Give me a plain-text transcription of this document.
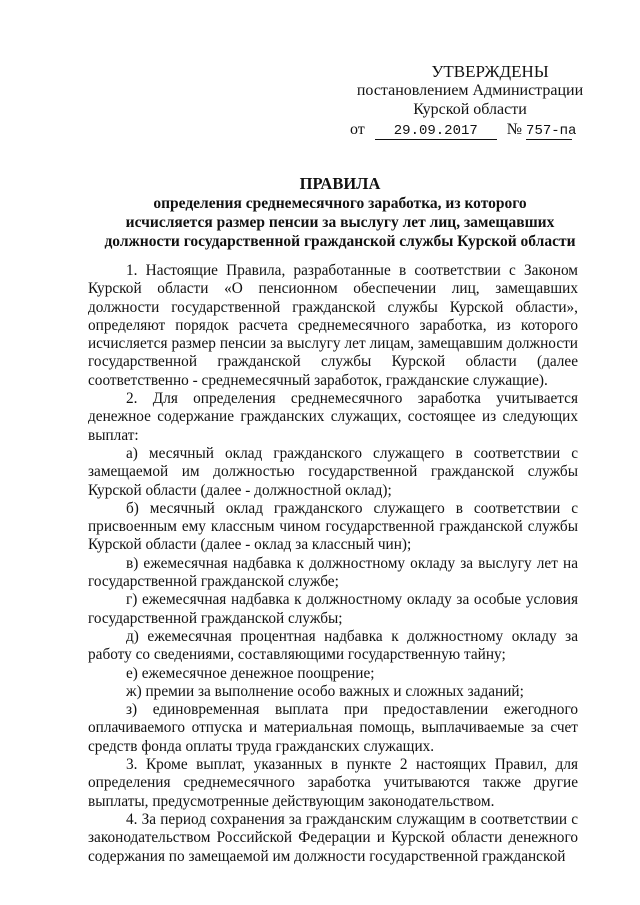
УТВЕРЖДЕНЫ
постановлением Администрации
Курской области
от 29.09.2017 № 757-па
ПРАВИЛА
определения среднемесячного заработка, из которого
исчисляется размер пенсии за выслугу лет лиц, замещавших
должности государственной гражданской службы Курской области

1. Настоящие Правила, разработанные в соответствии с Законом Курской области «О пенсионном обеспечении лиц, замещавших должности государственной гражданской службы Курской области», определяют порядок расчета среднемесячного заработка, из которого исчисляется размер пенсии за выслугу лет лицам, замещавшим должности государственной гражданской службы Курской области (далее соответственно - среднемесячный заработок, гражданские служащие).

2. Для определения среднемесячного заработка учитывается денежное содержание гражданских служащих, состоящее из следующих выплат:

а) месячный оклад гражданского служащего в соответствии с замещаемой им должностью государственной гражданской службы Курской области (далее - должностной оклад);

б) месячный оклад гражданского служащего в соответствии с присвоенным ему классным чином государственной гражданской службы Курской области (далее - оклад за классный чин);

в) ежемесячная надбавка к должностному окладу за выслугу лет на государственной гражданской службе;

г) ежемесячная надбавка к должностному окладу за особые условия государственной гражданской службы;

д) ежемесячная процентная надбавка к должностному окладу за работу со сведениями, составляющими государственную тайну;

е) ежемесячное денежное поощрение;

ж) премии за выполнение особо важных и сложных заданий;

з) единовременная выплата при предоставлении ежегодного оплачиваемого отпуска и материальная помощь, выплачиваемые за счет средств фонда оплаты труда гражданских служащих.

3. Кроме выплат, указанных в пункте 2 настоящих Правил, для определения среднемесячного заработка учитываются также другие выплаты, предусмотренные действующим законодательством.

4. За период сохранения за гражданским служащим в соответствии с законодательством Российской Федерации и Курской области денежного содержания по замещаемой им должности государственной гражданской
